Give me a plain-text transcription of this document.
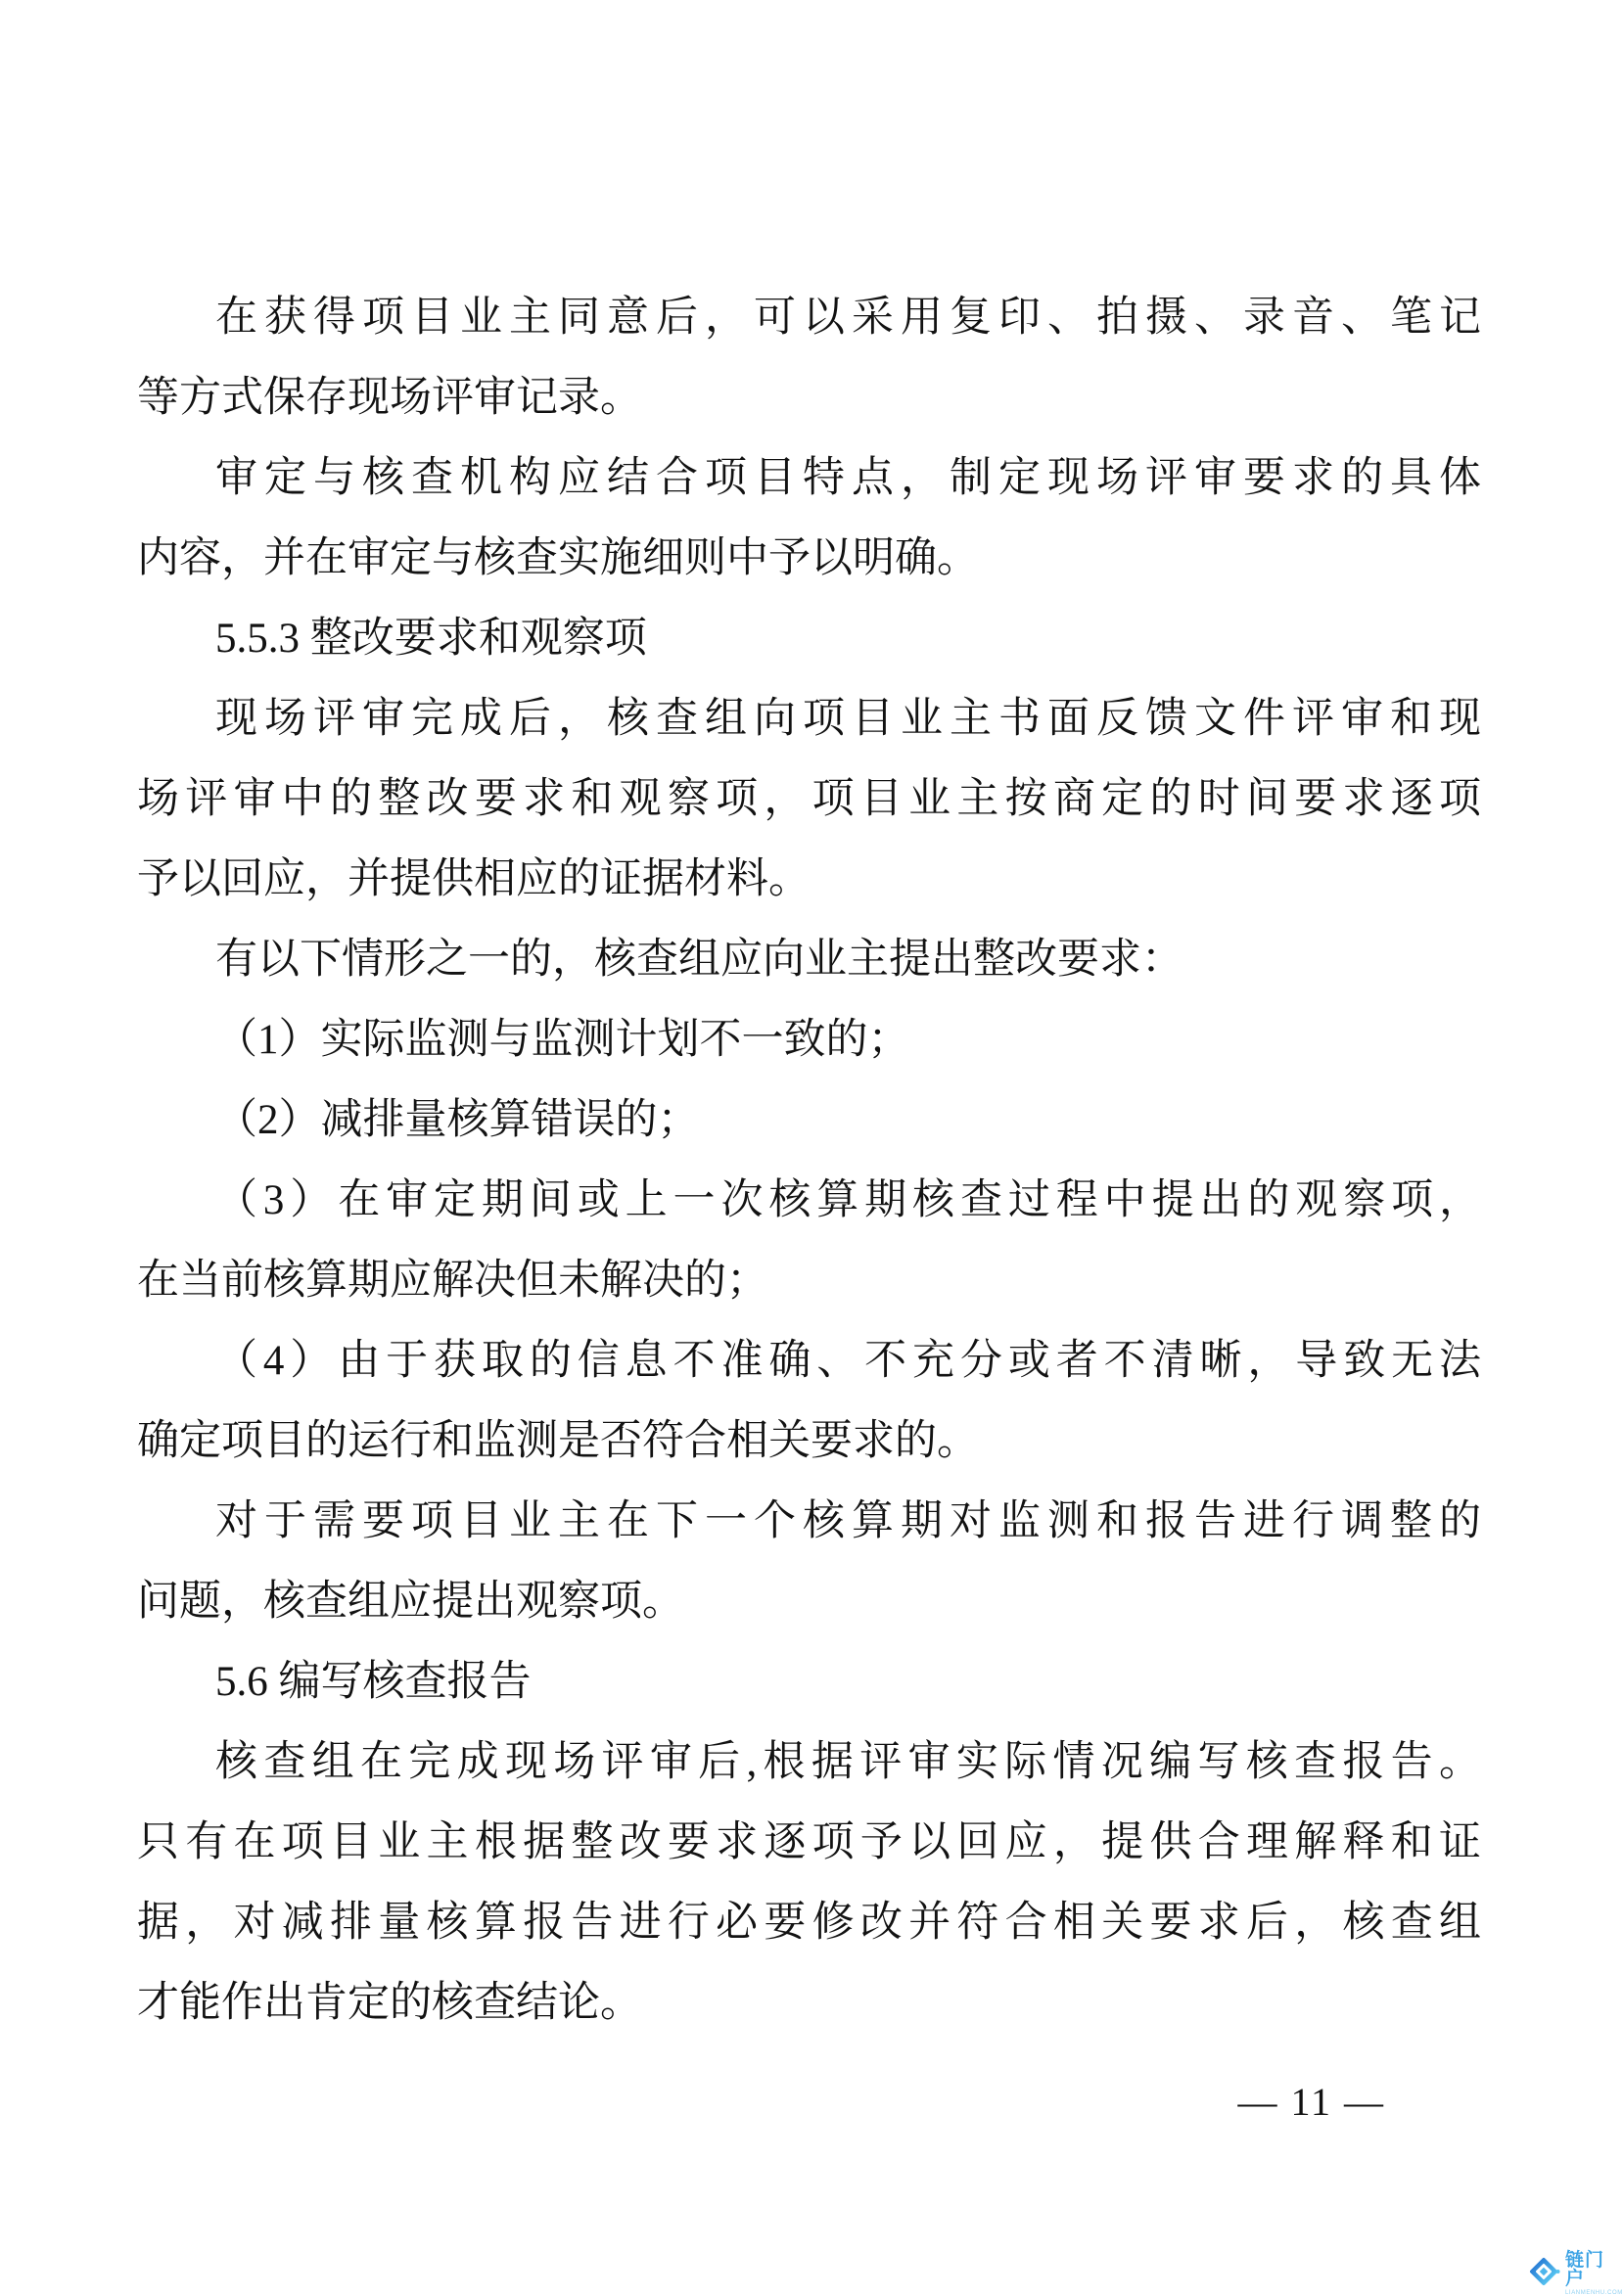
在获得项目业主同意后，可以采用复印、拍摄、录音、笔记
等方式保存现场评审记录。
审定与核查机构应结合项目特点，制定现场评审要求的具体
内容，并在审定与核查实施细则中予以明确。
5.5.3 整改要求和观察项
现场评审完成后，核查组向项目业主书面反馈文件评审和现
场评审中的整改要求和观察项，项目业主按商定的时间要求逐项
予以回应，并提供相应的证据材料。
有以下情形之一的，核查组应向业主提出整改要求：
（1）实际监测与监测计划不一致的；
（2）减排量核算错误的；
（3）在审定期间或上一次核算期核查过程中提出的观察项，
在当前核算期应解决但未解决的；
（4）由于获取的信息不准确、不充分或者不清晰，导致无法
确定项目的运行和监测是否符合相关要求的。
对于需要项目业主在下一个核算期对监测和报告进行调整的
问题，核查组应提出观察项。
5.6 编写核查报告
核查组在完成现场评审后,根据评审实际情况编写核查报告。
只有在项目业主根据整改要求逐项予以回应，提供合理解释和证
据，对减排量核算报告进行必要修改并符合相关要求后，核查组
才能作出肯定的核查结论。
— 11 —
链门户
LIANMENHU.COM
